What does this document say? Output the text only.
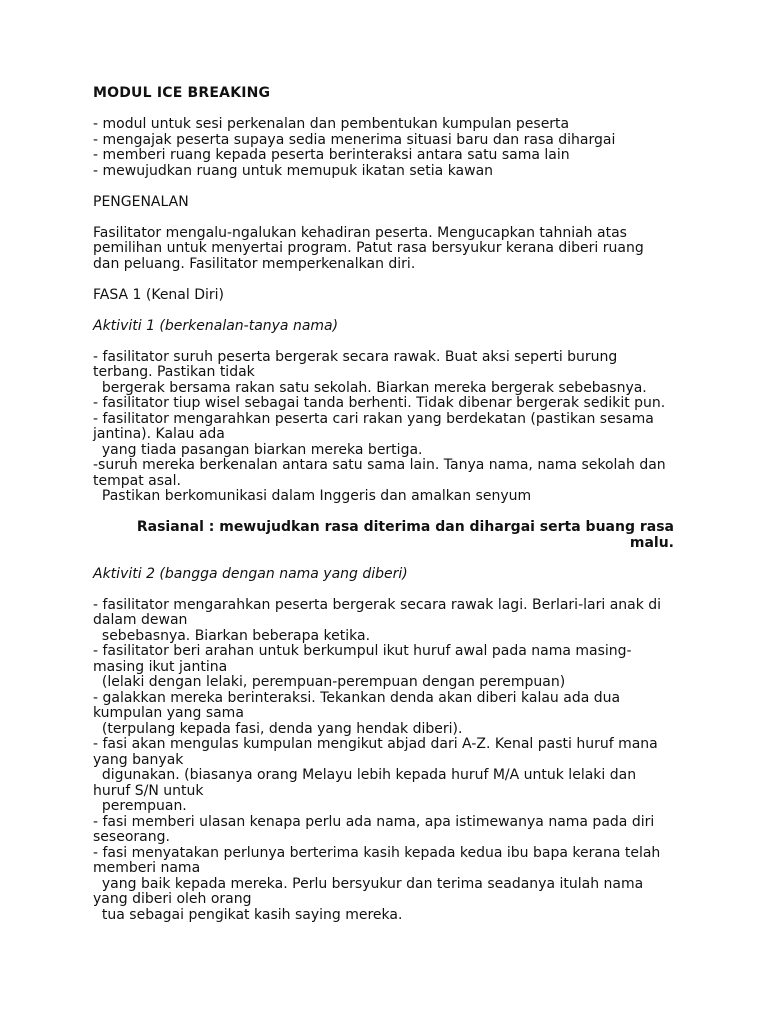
MODUL ICE BREAKING
- modul untuk sesi perkenalan dan pembentukan kumpulan peserta
- mengajak peserta supaya sedia menerima situasi baru dan rasa dihargai
- memberi ruang kepada peserta berinteraksi antara satu sama lain
- mewujudkan ruang untuk memupuk ikatan setia kawan
PENGENALAN
Fasilitator mengalu-ngalukan kehadiran peserta. Mengucapkan tahniah atas
pemilihan untuk menyertai program. Patut rasa bersyukur kerana diberi ruang
dan peluang. Fasilitator memperkenalkan diri.
FASA 1 (Kenal Diri)
Aktiviti 1 (berkenalan-tanya nama)
- fasilitator suruh peserta bergerak secara rawak. Buat aksi seperti burung
terbang. Pastikan tidak
bergerak bersama rakan satu sekolah. Biarkan mereka bergerak sebebasnya.
- fasilitator tiup wisel sebagai tanda berhenti. Tidak dibenar bergerak sedikit pun.
- fasilitator mengarahkan peserta cari rakan yang berdekatan (pastikan sesama
jantina). Kalau ada
yang tiada pasangan biarkan mereka bertiga.
-suruh mereka berkenalan antara satu sama lain. Tanya nama, nama sekolah dan
tempat asal.
Pastikan berkomunikasi dalam Inggeris dan amalkan senyum
Rasianal : mewujudkan rasa diterima dan dihargai serta buang rasa malu.
Aktiviti 2 (bangga dengan nama yang diberi)
- fasilitator mengarahkan peserta bergerak secara rawak lagi. Berlari-lari anak di
dalam dewan
sebebasnya. Biarkan beberapa ketika.
- fasilitator beri arahan untuk berkumpul ikut huruf awal pada nama masing-
masing ikut jantina
(lelaki dengan lelaki, perempuan-perempuan dengan perempuan)
- galakkan mereka berinteraksi. Tekankan denda akan diberi kalau ada dua
kumpulan yang sama
(terpulang kepada fasi, denda yang hendak diberi).
- fasi akan mengulas kumpulan mengikut abjad dari A-Z. Kenal pasti huruf mana
yang banyak
digunakan. (biasanya orang Melayu lebih kepada huruf M/A untuk lelaki dan
huruf S/N untuk
perempuan.
- fasi memberi ulasan kenapa perlu ada nama, apa istimewanya nama pada diri
seseorang.
- fasi menyatakan perlunya berterima kasih kepada kedua ibu bapa kerana telah
memberi nama
yang baik kepada mereka. Perlu bersyukur dan terima seadanya itulah nama
yang diberi oleh orang
tua sebagai pengikat kasih saying mereka.
